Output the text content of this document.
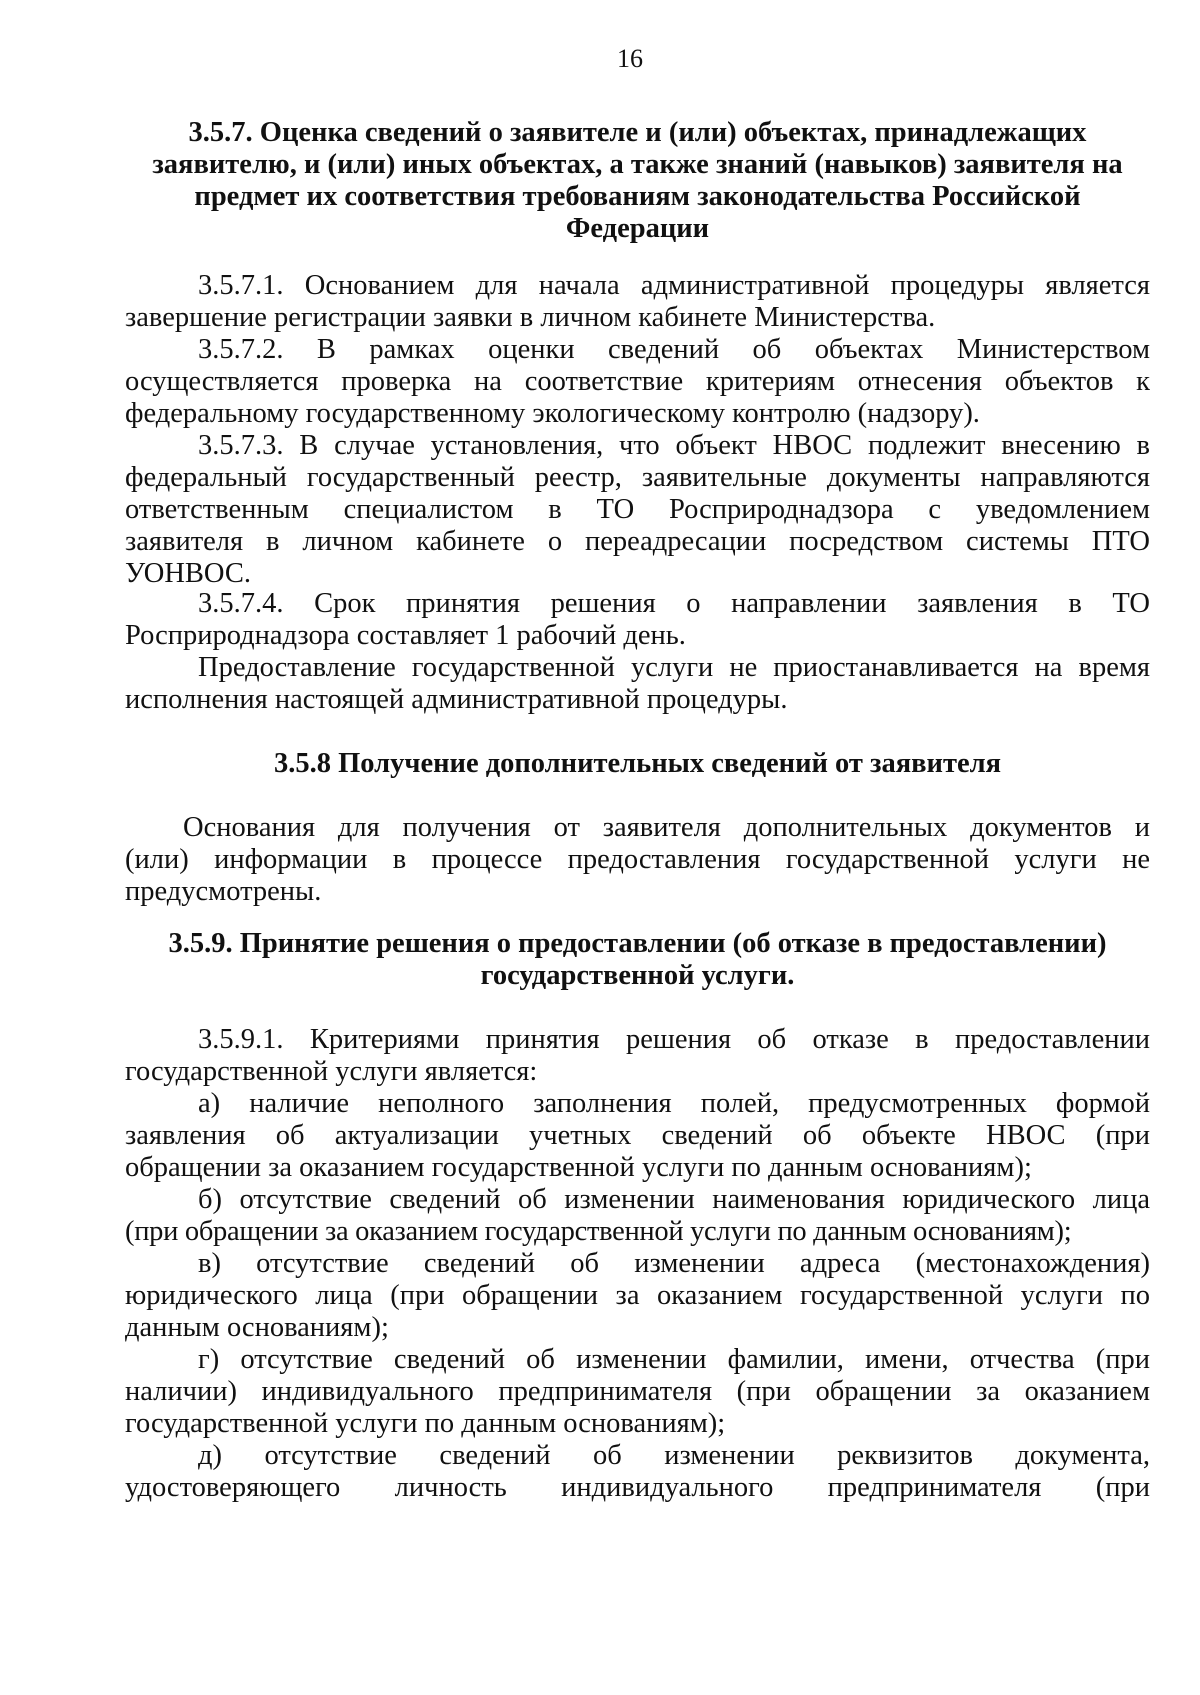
16
3.5.7. Оценка сведений о заявителе и (или) объектах, принадлежащих
заявителю, и (или) иных объектах, а также знаний (навыков) заявителя на
предмет их соответствия требованиям законодательства Российской
Федерации
3.5.7.1. Основанием для начала административной процедуры является
завершение регистрации заявки в личном кабинете Министерства.
3.5.7.2. В рамках оценки сведений об объектах Министерством
осуществляется проверка на соответствие критериям отнесения объектов к
федеральному государственному экологическому контролю (надзору).
3.5.7.3. В случае установления, что объект НВОС подлежит внесению в
федеральный государственный реестр, заявительные документы направляются
ответственным специалистом в ТО Росприроднадзора с уведомлением
заявителя в личном кабинете о переадресации посредством системы ПТО
УОНВОС.
3.5.7.4. Срок принятия решения о направлении заявления в ТО
Росприроднадзора составляет 1 рабочий день.
Предоставление государственной услуги не приостанавливается на время
исполнения настоящей административной процедуры.
3.5.8 Получение дополнительных сведений от заявителя
Основания для получения от заявителя дополнительных документов и
(или) информации в процессе предоставления государственной услуги не
предусмотрены.
3.5.9. Принятие решения о предоставлении (об отказе в предоставлении)
государственной услуги.
3.5.9.1. Критериями принятия решения об отказе в предоставлении
государственной услуги является:
а) наличие неполного заполнения полей, предусмотренных формой
заявления об актуализации учетных сведений об объекте НВОС (при
обращении за оказанием государственной услуги по данным основаниям);
б) отсутствие сведений об изменении наименования юридического лица
(при обращении за оказанием государственной услуги по данным основаниям);
в) отсутствие сведений об изменении адреса (местонахождения)
юридического лица (при обращении за оказанием государственной услуги по
данным основаниям);
г) отсутствие сведений об изменении фамилии, имени, отчества (при
наличии) индивидуального предпринимателя (при обращении за оказанием
государственной услуги по данным основаниям);
д) отсутствие сведений об изменении реквизитов документа,
удостоверяющего личность индивидуального предпринимателя (при
